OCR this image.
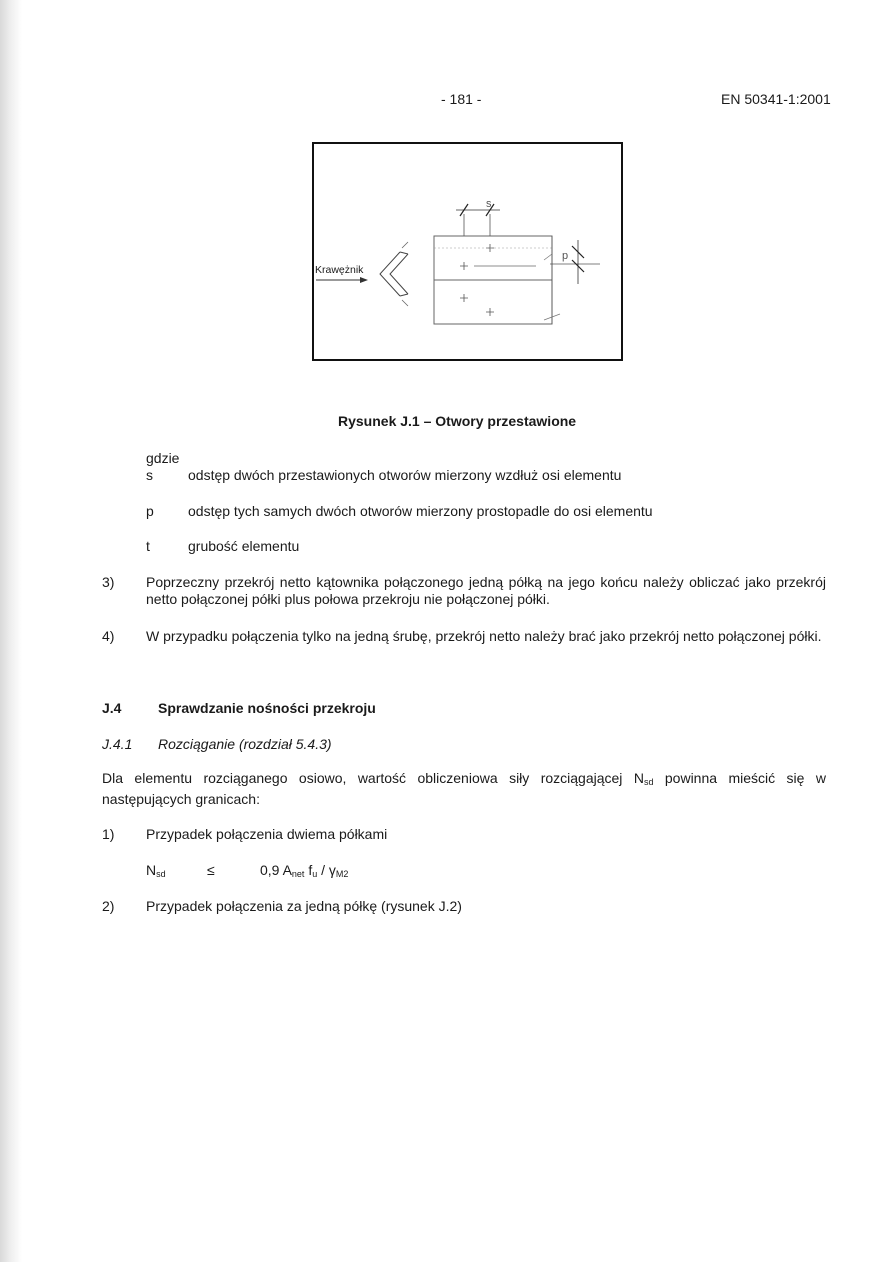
- 181 -	EN 50341-1:2001
Krawężnik
s
p
Rysunek J.1 – Otwory przestawione
gdzie
s	odstęp dwóch przestawionych otworów mierzony wzdłuż osi elementu
p odstęp tych samych dwóch otworów mierzony prostopadle do osi elementu
t	grubość elementu
3) Poprzeczny przekrój netto kątownika połączonego jedną półką na jego końcu należy obliczać jako przekrój netto połączonej półki plus połowa przekroju nie połączonej półki.
4) W przypadku połączenia tylko na jedną śrubę, przekrój netto należy brać jako przekrój netto połączonej półki.
J.4	Sprawdzanie nośności przekroju
J.4.1 Rozciąganie (rozdział 5.4.3)
Dla elementu rozciąganego osiowo, wartość obliczeniowa siły rozciągającej $N_{sd}$ powinna mieścić się w następujących granicach:
1) Przypadek połączenia dwiema półkami
$N_{sd}$	≤	0,9 $A_{net}$ $f_u / \gamma_{M2}$
2) Przypadek połączenia za jedną półkę (rysunek J.2)
